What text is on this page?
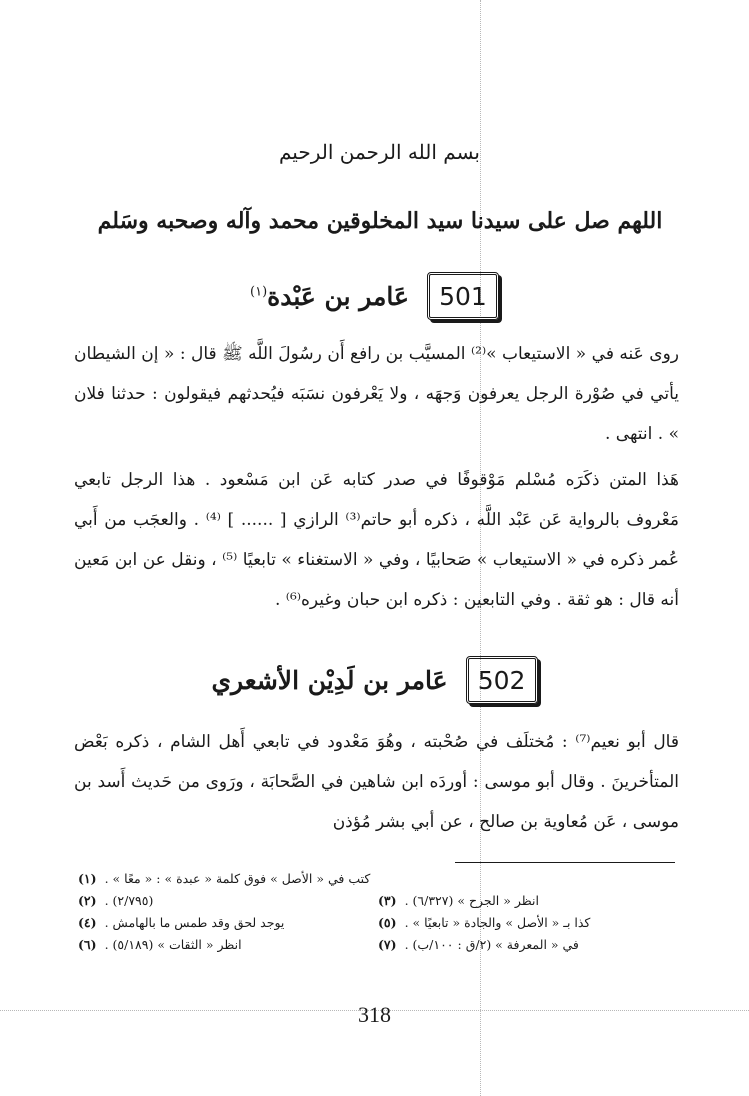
بسم الله الرحمن الرحيم
اللهم صل على سيدنا سيد المخلوقين محمد وآله وصحبه وسَلم
501
عَامر بن عَبْدة$^{(١)}$
روى عَنه في « الاستيعاب »⁽²⁾ المسيَّب بن رافع أَن رسُولَ اللَّه ﷺ قال : « إن الشيطان يأتي في صُوْرة الرجل يعرفون وَجهَه ، ولا يَعْرفون نسَبَه فيُحدثهم فيقولون : حدثنا فلان » . انتهى .
هَذا المتن ذكَرَه مُسْلم مَوْقوفًا في صدر كتابه عَن ابن مَسْعود . هذا الرجل تابعي مَعْروف بالرواية عَن عَبْد اللَّه ، ذكره أبو حاتم⁽³⁾ الرازي [ ...... ] ⁽⁴⁾ . والعجَب من أَبي عُمر ذكره في « الاستيعاب » صَحابيًا ، وفي « الاستغناء » تابعيًا ⁽⁵⁾ ، ونقل عن ابن مَعين أنه قال : هو ثقة . وفي التابعين : ذكره ابن حبان وغيره⁽⁶⁾ .
502
عَامر بن لَدِيْن الأشعري
قال أبو نعيم⁽⁷⁾ : مُختلَف في صُحْبته ، وهُوَ مَعْدود في تابعي أَهل الشام ، ذكره بَعْض المتأخرينَ . وقال أبو موسى : أوردَه ابن شاهين في الصَّحابَة ، ورَوى من حَديث أَسد بن موسى ، عَن مُعاوية بن صالح ، عن أبي بشر مُؤذن
(١) كتب في « الأصل » فوق كلمة « عبدة » : « معًا » .
(٢) (٢/٧٩٥) .	(٣) انظر « الجرح » (٦/٣٢٧) .
(٤) يوجد لحق وقد طمس ما بالهامش .	(٥) كذا بـ « الأصل » والجادة « تابعيًا » .
(٦) انظر « الثقات » (٥/١٨٩) .	(٧) في « المعرفة » (٢/ق : ١٠٠/ب) .
318
